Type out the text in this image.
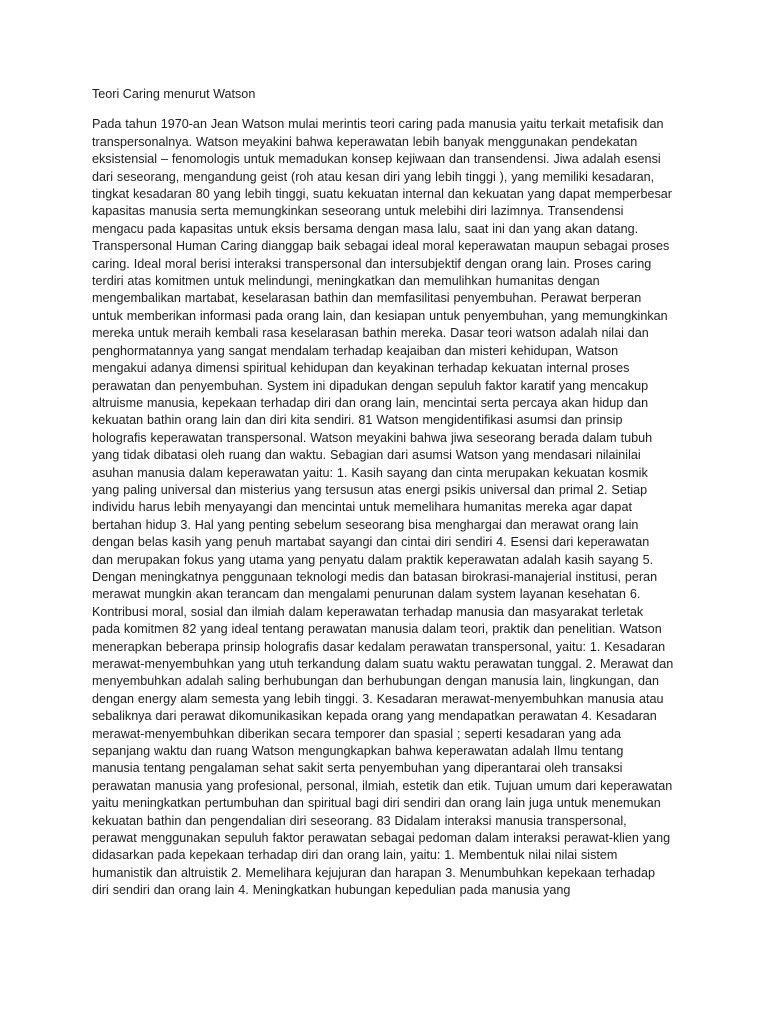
Teori Caring menurut Watson

Pada tahun 1970-an Jean Watson mulai merintis teori caring pada manusia yaitu terkait metafisik dan transpersonalnya. Watson meyakini bahwa keperawatan lebih banyak menggunakan pendekatan eksistensial – fenomologis untuk memadukan konsep kejiwaan dan transendensi. Jiwa adalah esensi dari seseorang, mengandung geist (roh atau kesan diri yang lebih tinggi ), yang memiliki kesadaran, tingkat kesadaran 80 yang lebih tinggi, suatu kekuatan internal dan kekuatan yang dapat memperbesar kapasitas manusia serta memungkinkan seseorang untuk melebihi diri lazimnya. Transendensi mengacu pada kapasitas untuk eksis bersama dengan masa lalu, saat ini dan yang akan datang. Transpersonal Human Caring dianggap baik sebagai ideal moral keperawatan maupun sebagai proses caring. Ideal moral berisi interaksi transpersonal dan intersubjektif dengan orang lain. Proses caring terdiri atas komitmen untuk melindungi, meningkatkan dan memulihkan humanitas dengan mengembalikan martabat, keselarasan bathin dan memfasilitasi penyembuhan. Perawat berperan untuk memberikan informasi pada orang lain, dan kesiapan untuk penyembuhan, yang memungkinkan mereka untuk meraih kembali rasa keselarasan bathin mereka. Dasar teori watson adalah nilai dan penghormatannya yang sangat mendalam terhadap keajaiban dan misteri kehidupan, Watson mengakui adanya dimensi spiritual kehidupan dan keyakinan terhadap kekuatan internal proses perawatan dan penyembuhan. System ini dipadukan dengan sepuluh faktor karatif yang mencakup altruisme manusia, kepekaan terhadap diri dan orang lain, mencintai serta percaya akan hidup dan kekuatan bathin orang lain dan diri kita sendiri. 81 Watson mengidentifikasi asumsi dan prinsip holografis keperawatan transpersonal. Watson meyakini bahwa jiwa seseorang berada dalam tubuh yang tidak dibatasi oleh ruang dan waktu. Sebagian dari asumsi Watson yang mendasari nilainilai asuhan manusia dalam keperawatan yaitu: 1. Kasih sayang dan cinta merupakan kekuatan kosmik yang paling universal dan misterius yang tersusun atas energi psikis universal dan primal 2. Setiap individu harus lebih menyayangi dan mencintai untuk memelihara humanitas mereka agar dapat bertahan hidup 3. Hal yang penting sebelum seseorang bisa menghargai dan merawat orang lain dengan belas kasih yang penuh martabat sayangi dan cintai diri sendiri 4. Esensi dari keperawatan dan merupakan fokus yang utama yang penyatu dalam praktik keperawatan adalah kasih sayang 5. Dengan meningkatnya penggunaan teknologi medis dan batasan birokrasi-manajerial institusi, peran merawat mungkin akan terancam dan mengalami penurunan dalam system layanan kesehatan 6. Kontribusi moral, sosial dan ilmiah dalam keperawatan terhadap manusia dan masyarakat terletak pada komitmen 82 yang ideal tentang perawatan manusia dalam teori, praktik dan penelitian. Watson menerapkan beberapa prinsip holografis dasar kedalam perawatan transpersonal, yaitu: 1. Kesadaran merawat-menyembuhkan yang utuh terkandung dalam suatu waktu perawatan tunggal. 2. Merawat dan menyembuhkan adalah saling berhubungan dan berhubungan dengan manusia lain, lingkungan, dan dengan energy alam semesta yang lebih tinggi. 3. Kesadaran merawat-menyembuhkan manusia atau sebaliknya dari perawat dikomunikasikan kepada orang yang mendapatkan perawatan 4. Kesadaran merawat-menyembuhkan diberikan secara temporer dan spasial ; seperti kesadaran yang ada sepanjang waktu dan ruang Watson mengungkapkan bahwa keperawatan adalah Ilmu tentang manusia tentang pengalaman sehat sakit serta penyembuhan yang diperantarai oleh transaksi perawatan manusia yang profesional, personal, ilmiah, estetik dan etik. Tujuan umum dari keperawatan yaitu meningkatkan pertumbuhan dan spiritual bagi diri sendiri dan orang lain juga untuk menemukan kekuatan bathin dan pengendalian diri seseorang. 83 Didalam interaksi manusia transpersonal, perawat menggunakan sepuluh faktor perawatan sebagai pedoman dalam interaksi perawat-klien yang didasarkan pada kepekaan terhadap diri dan orang lain, yaitu: 1. Membentuk nilai nilai sistem humanistik dan altruistik 2. Memelihara kejujuran dan harapan 3. Menumbuhkan kepekaan terhadap diri sendiri dan orang lain 4. Meningkatkan hubungan kepedulian pada manusia yang
